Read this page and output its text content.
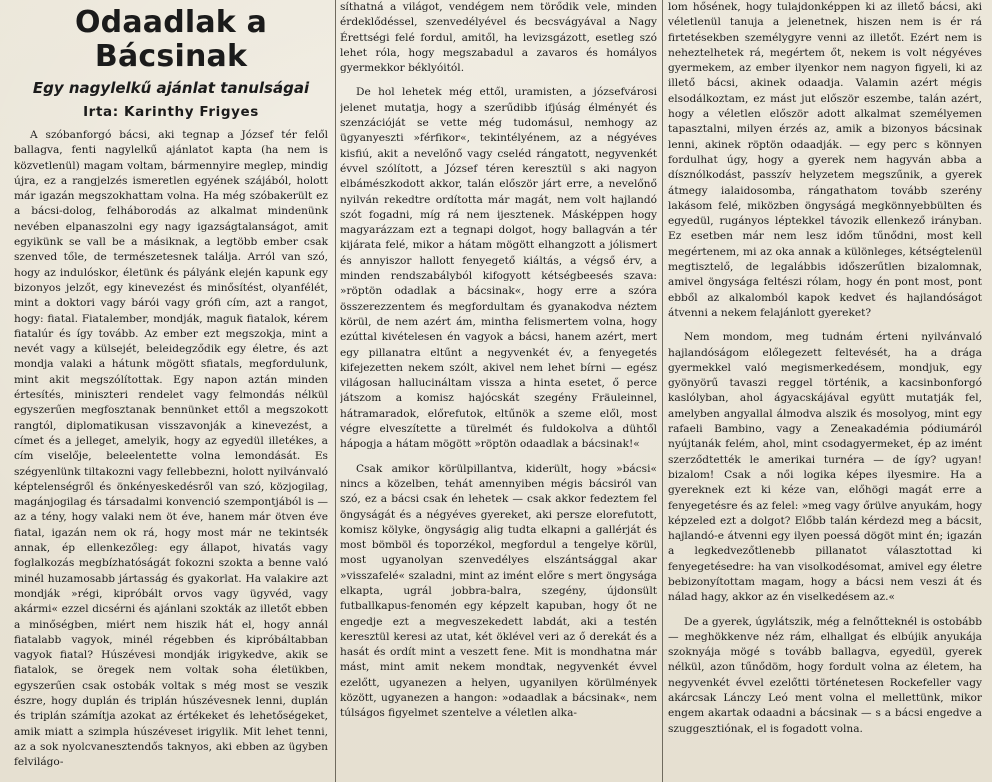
Odaadlak a Bácsinak
Egy nagylelkű ajánlat tanulságai
Irta: Karinthy Frigyes

A szóbanforgó bácsi, aki tegnap a József tér felől ballagva, fenti nagylelkű ajánlatot kapta (ha nem is közvetlenül) magam voltam, bármennyire meglep, mindig újra, ez a rangjelzés ismeretlen egyének szájából, holott már igazán megszokhattam volna. Ha még szóbakerült ez a bácsi-dolog, felháborodás az alkalmat mindenünk nevében elpanaszolni egy nagy igazságtalanságot, amit egyikünk se vall be a másiknak, a legtöbb ember csak szenved tőle, de természetesnek találja. Arról van szó, hogy az indulóskor, életünk és pályánk elején kapunk egy bizonyos jelzőt, egy kinevezést és minősítést, olyanfélét, mint a doktori vagy bárói vagy grófi cím, azt a rangot, hogy: fiatal. Fiatalember, mondják, maguk fiatalok, kérem fiatalúr és így tovább. Az ember ezt megszokja, mint a nevét vagy a külsejét, beleidegződik egy életre, és azt mondja valaki a hátunk mögött sfiatals, megfordulunk, mint akit megszólítottak. Egy napon aztán minden értesítés, miniszteri rendelet vagy felmondás nélkül egyszerűen megfosztanak bennünket ettől a megszokott rangtól, diplomatikusan visszavonják a kinevezést, a címet és a jelleget, amelyik, hogy az egyedül illetékes, a cím viselője, beleelentette volna lemondását. Es szégyenlünk tiltakozni vagy fellebbezni, holott nyilvánvaló képtelenségről és önkényeskedésről van szó, közjogilag, magánjogilag és társadalmi konvenció szempontjából is — az a tény, hogy valaki nem öt éve, hanem már ötven éve fiatal, igazán nem ok rá, hogy most már ne tekintsék annak, ép ellenkezőleg: egy állapot, hivatás vagy foglalkozás megbízhatóságát fokozni szokta a benne való minél huzamosabb jártasság és gyakorlat. Ha valakire azt mondják »régi, kipróbált orvos vagy ügyvéd, vagy akármi« ezzel dicsérni és ajánlani szokták az illetőt ebben a minőségben, miért nem hiszik hát el, hogy annál fiatalabb vagyok, minél régebben és kipróbáltabban vagyok fiatal? Húszévesi mondják irigykedve, akik se fiatalok, se öregek nem voltak soha életükben, egyszerűen csak ostobák voltak s még most se veszik észre, hogy duplán és triplán húszévesnek lenni, duplán és triplán számítja azokat az értékeket és lehetőségeket, amik miatt a szimpla húszéveset irigylik. Mit lehet tenni, az a sok nyolcvanesztendős taknyos, aki ebben az ügyben felvilágo-

síthatná a világot, vendégem nem törődik vele, minden érdeklődéssel, szenvedélyével és becsvágyával a Nagy Érettségi felé fordul, amitől, ha levizsgázott, esetleg szó lehet róla, hogy megszabadul a zavaros és homályos gyermekkor béklyóitól.

De hol lehetek még ettől, uramisten, a józsefvárosi jelenet mutatja, hogy a szerűdibb ifjúság élményét és szenzációját se vette még tudomásul, nemhogy az ügyanyeszti »férfikor«, tekintélyénem, az a négyéves kisfiú, akit a nevelőnő vagy cseléd rángatott, negyvenkét évvel szólított, a József téren keresztül s aki nagyon elbámészkodott akkor, talán először járt erre, a nevelőnő nyilván rekedtre ordította már magát, nem volt hajlandó szót fogadni, míg rá nem ijesztenek. Másképpen hogy magyarázzam ezt a tegnapi dolgot, hogy ballagván a tér kijárata felé, mikor a hátam mögött elhangzott a jólismert és annyiszor hallott fenyegető kiáltás, a végső érv, a minden rendszabályból kifogyott kétségbeesés szava: »röptön odadlak a bácsinak«, hogy erre a szóra összerezzentem és megfordultam és gyanakodva néztem körül, de nem azért ám, mintha felismertem volna, hogy ezúttal kivételesen én vagyok a bácsi, hanem azért, mert egy pillanatra eltűnt a negyvenkét év, a fenyegetés kifejezetten nekem szólt, akivel nem lehet bírni — egész világosan hallucináltam vissza a hinta esetet, ő perce játszom a komisz hajócskát szegény Fräuleinnel, hátramaradok, előrefutok, eltűnök a szeme elől, most végre elveszítette a türelmét és fuldokolva a dühtől hápogja a hátam mögött »röptön odaadlak a bácsinak!«

Csak amikor körülpillantva, kiderült, hogy »bácsi« nincs a közelben, tehát amennyiben mégis bácsiról van szó, ez a bácsi csak én lehetek — csak akkor fedeztem fel öngyságát és a négyéves gyereket, aki persze elorefutott, komisz kölyke, öngyságig alig tudta elkapni a gallérját és most bömböl és toporzékol, megfordul a tengelye körül, most ugyanolyan szenvedélyes elszántsággal akar »visszafelé« szaladni, mint az imént előre s mert öngysága elkapta, ugrál jobbra-balra, szegény, újdonsült futballkapus-fenomén egy képzelt kapuban, hogy őt ne engedje ezt a megveszekedett labdát, aki a testén keresztül keresi az utat, két öklével veri az ő derekát és a hasát és ordít mint a veszett fene. Mit is mondhatna már mást, mint amit nekem mondtak, negyvenkét évvel ezelőtt, ugyanezen a helyen, ugyanilyen körülmények között, ugyanezen a hangon: »odaadlak a bácsinak«, nem túlságos figyelmet szentelve a véletlen alka-

lom hősének, hogy tulajdonképpen ki az illető bácsi, aki véletlenül tanuja a jelenetnek, hiszen nem is ér rá firtetésekben személygyre venni az illetőt. Ezért nem is neheztelhetek rá, megértem őt, nekem is volt négyéves gyermekem, az ember ilyenkor nem nagyon figyeli, ki az illető bácsi, akinek odaadja. Valamin azért mégis elsodálkoztam, ez mást jut először eszembe, talán azért, hogy a véletlen először adott alkalmat személyemen tapasztalni, milyen érzés az, amik a bizonyos bácsinak lenni, akinek röptön odaadják. — egy perc s könnyen fordulhat úgy, hogy a gyerek nem hagyván abba a dísznólkodást, passzív helyzetem megszűnik, a gyerek átmegy ialaidosomba, rángathatom tovább szerény lakásom felé, miközben öngyságá megkönnyebbülten és egyedül, rugányos léptekkel távozik ellenkező irányban. Ez esetben már nem lesz időm tűnődni, most kell megértenem, mi az oka annak a különleges, kétségtelenül megtisztelő, de legalábbis időszerűtlen bizalomnak, amivel öngysága feltészi rólam, hogy én pont most, pont ebből az alkalomból kapok kedvet és hajlandóságot átvenni a nekem felajánlott gyereket?

Nem mondom, meg tudnám érteni nyilvánvaló hajlandóságom előlegezett feltevését, ha a drága gyermekkel való megismerkedésem, mondjuk, egy gyönyörű tavaszi reggel történik, a kacsinbonforgó kaslólyban, ahol ágyacskájával együtt mutatják fel, amelyben angyallal álmodva alszik és mosolyog, mint egy rafaeli Bambino, vagy a Zeneakadémia pódiumáról nyújtanák felém, ahol, mint csodagyermeket, ép az imént szerződtették le amerikai turnéra — de így? ugyan! bizalom! Csak a női logika képes ilyesmire. Ha a gyereknek ezt ki kéze van, előhögi magát erre a fenyegetésre és az felel: »meg vagy őrülve anyukám, hogy képzeled ezt a dolgot? Előbb talán kérdezd meg a bácsit, hajlandó-e átvenni egy ilyen poessá dögöt mint én; igazán a legkedvezőtlenebb pillanatot választottad ki fenyegetésedre: ha van visolkodésomat, amivel egy életre bebizonyítottam magam, hogy a bácsi nem veszi át és nálad hagy, akkor az én viselkedésem az.«

De a gyerek, úgylátszik, még a felnőtteknél is ostobább — meghökkenve néz rám, elhallgat és elbújik anyukája szoknyája mögé s tovább ballagva, egyedül, gyerek nélkül, azon tűnődöm, hogy fordult volna az életem, ha negyvenkét évvel ezelőtti történetesen Rockefeller vagy akárcsak Lánczy Leó ment volna el mellettünk, mikor engem akartak odaadni a bácsinak — s a bácsi engedve a szuggesztiónak, el is fogadott volna.
